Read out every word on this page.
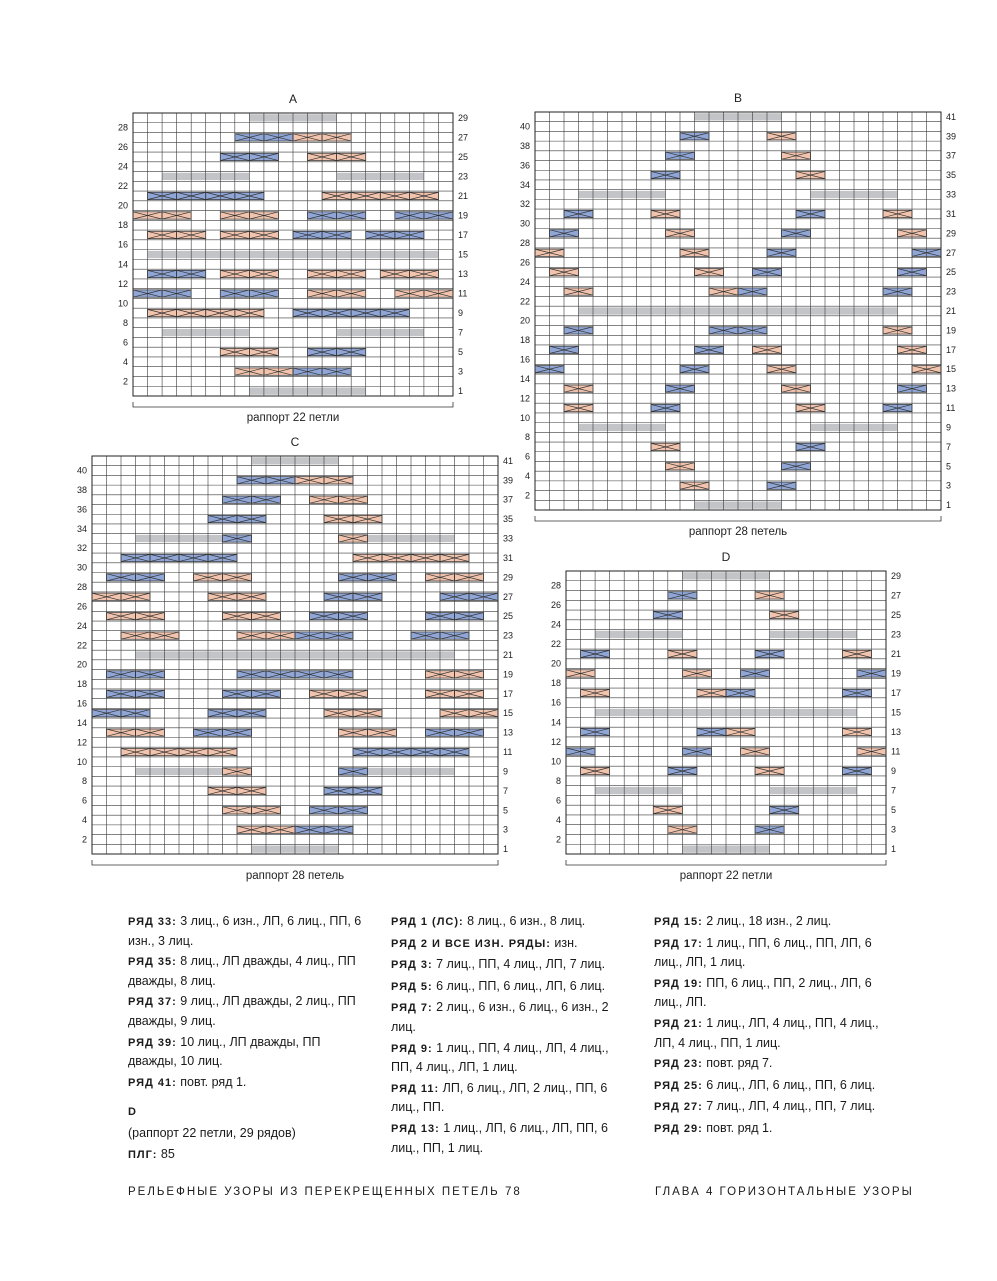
1
2
3
4
5
6
7
8
9
10
11
12
13
14
15
16
17
18
19
20
21
22
23
24
25
26
27
28
29
A
раппорт 22 петли
1
2
3
4
5
6
7
8
9
10
11
12
13
14
15
16
17
18
19
20
21
22
23
24
25
26
27
28
29
30
31
32
33
34
35
36
37
38
39
40
41
B
раппорт 28 петель
1
2
3
4
5
6
7
8
9
10
11
12
13
14
15
16
17
18
19
20
21
22
23
24
25
26
27
28
29
30
31
32
33
34
35
36
37
38
39
40
41
C
раппорт 28 петель
1
2
3
4
5
6
7
8
9
10
11
12
13
14
15
16
17
18
19
20
21
22
23
24
25
26
27
28
29
D
раппорт 22 петли

РЯД 33: 3 лиц., 6 изн., ЛП, 6 лиц., ПП, 6 изн., 3 лиц.

РЯД 35: 8 лиц., ЛП дважды, 4 лиц., ПП дважды, 8 лиц.

РЯД 37: 9 лиц., ЛП дважды, 2 лиц., ПП дважды, 9 лиц.

РЯД 39: 10 лиц., ЛП дважды, ПП дважды, 10 лиц.

РЯД 41: повт. ряд 1.

D

(раппорт 22 петли, 29 рядов)

ПЛГ: 85

РЯД 1 (ЛС): 8 лиц., 6 изн., 8 лиц.

РЯД 2 И ВСЕ ИЗН. РЯДЫ: изн.

РЯД 3: 7 лиц., ПП, 4 лиц., ЛП, 7 лиц.

РЯД 5: 6 лиц., ПП, 6 лиц., ЛП, 6 лиц.

РЯД 7: 2 лиц., 6 изн., 6 лиц., 6 изн., 2 лиц.

РЯД 9: 1 лиц., ПП, 4 лиц., ЛП, 4 лиц., ПП, 4 лиц., ЛП, 1 лиц.

РЯД 11: ЛП, 6 лиц., ЛП, 2 лиц., ПП, 6 лиц., ПП.

РЯД 13: 1 лиц., ЛП, 6 лиц., ЛП, ПП, 6 лиц., ПП, 1 лиц.

РЯД 15: 2 лиц., 18 изн., 2 лиц.

РЯД 17: 1 лиц., ПП, 6 лиц., ПП, ЛП, 6 лиц., ЛП, 1 лиц.

РЯД 19: ПП, 6 лиц., ПП, 2 лиц., ЛП, 6 лиц., ЛП.

РЯД 21: 1 лиц., ЛП, 4 лиц., ПП, 4 лиц., ЛП, 4 лиц., ПП, 1 лиц.

РЯД 23: повт. ряд 7.

РЯД 25: 6 лиц., ЛП, 6 лиц., ПП, 6 лиц.

РЯД 27: 7 лиц., ЛП, 4 лиц., ПП, 7 лиц.

РЯД 29: повт. ряд 1.

РЕЛЬЕФНЫЕ УЗОРЫ ИЗ ПЕРЕКРЕЩЕННЫХ ПЕТЕЛЬ 78	ГЛАВА 4 ГОРИЗОНТАЛЬНЫЕ УЗОРЫ
